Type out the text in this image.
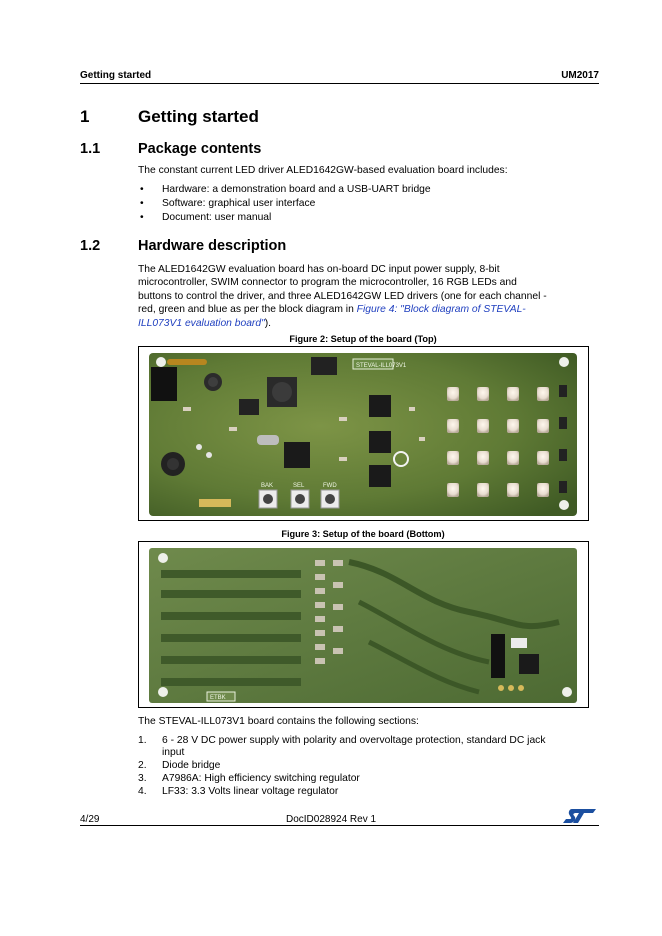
Getting started	UM2017
1	Getting started
1.1	Package contents
The constant current LED driver ALED1642GW-based evaluation board includes:
• Hardware: a demonstration board and a USB-UART bridge
• Software: graphical user interface
• Document: user manual
1.2	Hardware description
The ALED1642GW evaluation board has on-board DC input power supply, 8-bit
microcontroller, SWIM connector to program the microcontroller, 16 RGB LEDs and
buttons to control the driver, and three ALED1642GW LED drivers (one for each channel -
red, green and blue as per the block diagram in Figure 4: "Block diagram of STEVAL-
ILL073V1 evaluation board").
Figure 2: Setup of the board (Top)
STEVAL-ILL073V1
BAK	SEL	FWD
Figure 3: Setup of the board (Bottom)
ETBK
The STEVAL-ILL073V1 board contains the following sections:
1. 6 - 28 V DC power supply with polarity and overvoltage protection, standard DC jack
input
2. Diode bridge
3. A7986A: High efficiency switching regulator
4. LF33: 3.3 Volts linear voltage regulator
4/29	DocID028924 Rev 1
